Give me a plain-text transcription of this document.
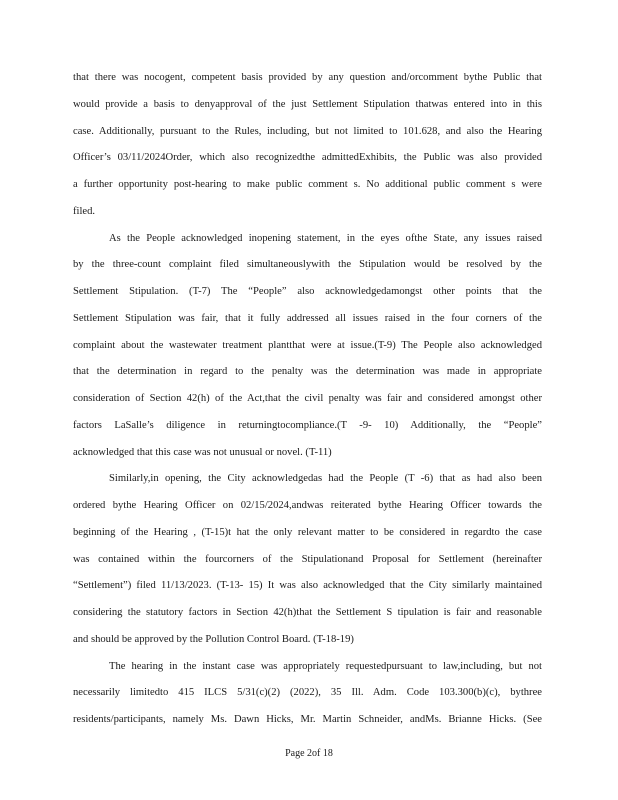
that there was nocogent, competent basis provided by any question and/orcomment bythe Public that
would provide a basis to denyapproval of the just Settlement Stipulation thatwas entered into in this
case. Additionally, pursuant to the Rules, including, but not limited to 101.628, and also the Hearing
Officer’s 03/11/2024Order, which also recognizedthe admittedExhibits, the Public was also provided
a further opportunity post-hearing to make public comment s. No additional public comment s were
filed.
As the People acknowledged inopening statement, in the eyes ofthe State, any issues raised
by the three-count complaint filed simultaneouslywith the Stipulation would be resolved by the
Settlement Stipulation. (T-7) The “People” also acknowledgedamongst other points that the
Settlement Stipulation was fair, that it fully addressed all issues raised in the four corners of the
complaint about the wastewater treatment plantthat were at issue.(T-9) The People also acknowledged
that the determination in regard to the penalty was the determination was made in appropriate
consideration of Section 42(h) of the Act,that the civil penalty was fair and considered amongst other
factors LaSalle’s diligence in returningtocompliance.(T -9- 10) Additionally, the “People”
acknowledged that this case was not unusual or novel. (T-11)
Similarly,in opening, the City acknowledgedas had the People (T -6) that as had also been
ordered bythe Hearing Officer on 02/15/2024,andwas reiterated bythe Hearing Officer towards the
beginning of the Hearing , (T-15)t hat the only relevant matter to be considered in regardto the case
was contained within the fourcorners of the Stipulationand Proposal for Settlement (hereinafter
“Settlement”) filed 11/13/2023. (T-13- 15) It was also acknowledged that the City similarly maintained
considering the statutory factors in Section 42(h)that the Settlement S tipulation is fair and reasonable
and should be approved by the Pollution Control Board. (T-18-19)
The hearing in the instant case was appropriately requestedpursuant to law,including, but not
necessarily limitedto 415 ILCS 5/31(c)(2) (2022), 35 Ill. Adm. Code 103.300(b)(c), bythree
residents/participants, namely Ms. Dawn Hicks, Mr. Martin Schneider, andMs. Brianne Hicks. (See
Page 2of 18
